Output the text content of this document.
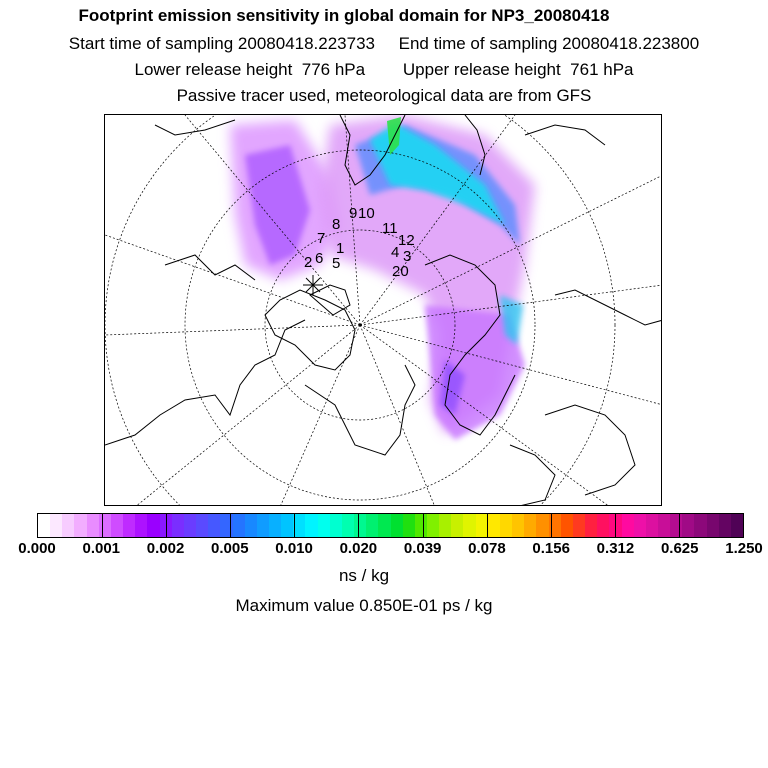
Footprint emission sensitivity in global domain for NP3_20080418
Start time of sampling 20080418.223733     End time of sampling 20080418.223800
Lower release height  776 hPa        Upper release height  761 hPa
Passive tracer used, meteorological data are from GFS
8
9 10
11
7
1	12
4 3
2 6 5	20
0.000 0.001 0.002 0.005 0.010 0.020 0.039 0.078 0.156 0.312 0.625 1.250
ns / kg
Maximum value 0.850E-01 ps / kg
